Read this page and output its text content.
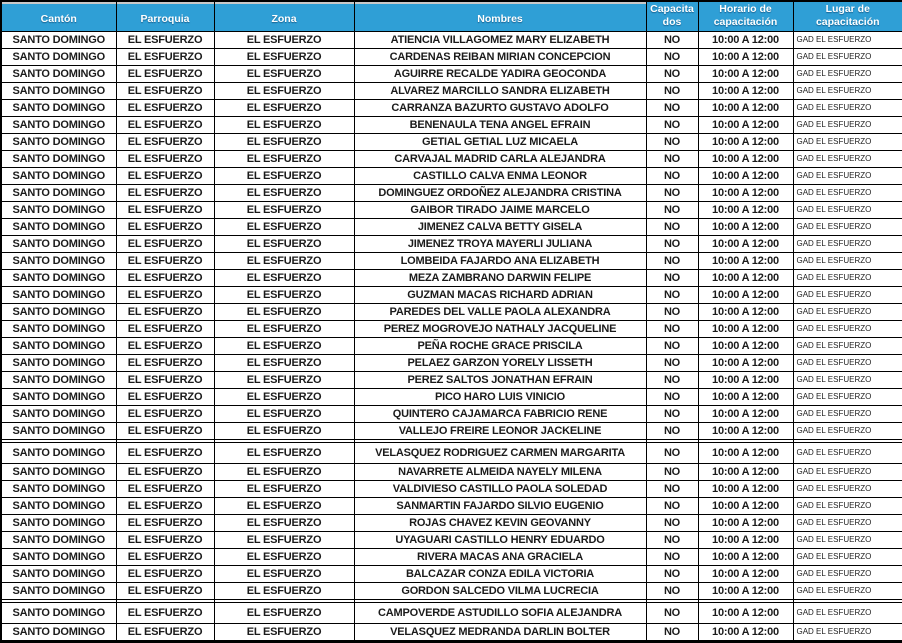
Cantón	Parroquia	Zona	Nombres	Capacita dos	Horario de capacitación	Lugar de capacitación
SANTO DOMINGO	EL ESFUERZO	EL ESFUERZO	ATIENCIA VILLAGOMEZ MARY ELIZABETH	NO	10:00 A 12:00	GAD EL ESFUERZO
SANTO DOMINGO	EL ESFUERZO	EL ESFUERZO	CARDENAS REIBAN MIRIAN CONCEPCION	NO	10:00 A 12:00	GAD EL ESFUERZO
SANTO DOMINGO	EL ESFUERZO	EL ESFUERZO	AGUIRRE RECALDE YADIRA GEOCONDA	NO	10:00 A 12:00	GAD EL ESFUERZO
SANTO DOMINGO	EL ESFUERZO	EL ESFUERZO	ALVAREZ MARCILLO SANDRA ELIZABETH	NO	10:00 A 12:00	GAD EL ESFUERZO
SANTO DOMINGO	EL ESFUERZO	EL ESFUERZO	CARRANZA BAZURTO GUSTAVO ADOLFO	NO	10:00 A 12:00	GAD EL ESFUERZO
SANTO DOMINGO	EL ESFUERZO	EL ESFUERZO	BENENAULA TENA ANGEL EFRAIN	NO	10:00 A 12:00	GAD EL ESFUERZO
SANTO DOMINGO	EL ESFUERZO	EL ESFUERZO	GETIAL GETIAL LUZ MICAELA	NO	10:00 A 12:00	GAD EL ESFUERZO
SANTO DOMINGO	EL ESFUERZO	EL ESFUERZO	CARVAJAL MADRID CARLA ALEJANDRA	NO	10:00 A 12:00	GAD EL ESFUERZO
SANTO DOMINGO	EL ESFUERZO	EL ESFUERZO	CASTILLO CALVA ENMA LEONOR	NO	10:00 A 12:00	GAD EL ESFUERZO
SANTO DOMINGO	EL ESFUERZO	EL ESFUERZO	DOMINGUEZ ORDOÑEZ ALEJANDRA CRISTINA	NO	10:00 A 12:00	GAD EL ESFUERZO
SANTO DOMINGO	EL ESFUERZO	EL ESFUERZO	GAIBOR TIRADO JAIME MARCELO	NO	10:00 A 12:00	GAD EL ESFUERZO
SANTO DOMINGO	EL ESFUERZO	EL ESFUERZO	JIMENEZ CALVA BETTY GISELA	NO	10:00 A 12:00	GAD EL ESFUERZO
SANTO DOMINGO	EL ESFUERZO	EL ESFUERZO	JIMENEZ TROYA MAYERLI JULIANA	NO	10:00 A 12:00	GAD EL ESFUERZO
SANTO DOMINGO	EL ESFUERZO	EL ESFUERZO	LOMBEIDA FAJARDO ANA ELIZABETH	NO	10:00 A 12:00	GAD EL ESFUERZO
SANTO DOMINGO	EL ESFUERZO	EL ESFUERZO	MEZA ZAMBRANO DARWIN FELIPE	NO	10:00 A 12:00	GAD EL ESFUERZO
SANTO DOMINGO	EL ESFUERZO	EL ESFUERZO	GUZMAN MACAS RICHARD ADRIAN	NO	10:00 A 12:00	GAD EL ESFUERZO
SANTO DOMINGO	EL ESFUERZO	EL ESFUERZO	PAREDES DEL VALLE PAOLA ALEXANDRA	NO	10:00 A 12:00	GAD EL ESFUERZO
SANTO DOMINGO	EL ESFUERZO	EL ESFUERZO	PEREZ MOGROVEJO NATHALY JACQUELINE	NO	10:00 A 12:00	GAD EL ESFUERZO
SANTO DOMINGO	EL ESFUERZO	EL ESFUERZO	PEÑA ROCHE GRACE PRISCILA	NO	10:00 A 12:00	GAD EL ESFUERZO
SANTO DOMINGO	EL ESFUERZO	EL ESFUERZO	PELAEZ GARZON YORELY LISSETH	NO	10:00 A 12:00	GAD EL ESFUERZO
SANTO DOMINGO	EL ESFUERZO	EL ESFUERZO	PEREZ SALTOS JONATHAN EFRAIN	NO	10:00 A 12:00	GAD EL ESFUERZO
SANTO DOMINGO	EL ESFUERZO	EL ESFUERZO	PICO HARO LUIS VINICIO	NO	10:00 A 12:00	GAD EL ESFUERZO
SANTO DOMINGO	EL ESFUERZO	EL ESFUERZO	QUINTERO CAJAMARCA FABRICIO RENE	NO	10:00 A 12:00	GAD EL ESFUERZO
SANTO DOMINGO	EL ESFUERZO	EL ESFUERZO	VALLEJO FREIRE LEONOR JACKELINE	NO	10:00 A 12:00	GAD EL ESFUERZO

SANTO DOMINGO	EL ESFUERZO	EL ESFUERZO	VELASQUEZ RODRIGUEZ CARMEN MARGARITA	NO	10:00 A 12:00	GAD EL ESFUERZO
SANTO DOMINGO	EL ESFUERZO	EL ESFUERZO	NAVARRETE ALMEIDA NAYELY MILENA	NO	10:00 A 12:00	GAD EL ESFUERZO
SANTO DOMINGO	EL ESFUERZO	EL ESFUERZO	VALDIVIESO CASTILLO PAOLA SOLEDAD	NO	10:00 A 12:00	GAD EL ESFUERZO
SANTO DOMINGO	EL ESFUERZO	EL ESFUERZO	SANMARTIN FAJARDO SILVIO EUGENIO	NO	10:00 A 12:00	GAD EL ESFUERZO
SANTO DOMINGO	EL ESFUERZO	EL ESFUERZO	ROJAS CHAVEZ KEVIN GEOVANNY	NO	10:00 A 12:00	GAD EL ESFUERZO
SANTO DOMINGO	EL ESFUERZO	EL ESFUERZO	UYAGUARI CASTILLO HENRY EDUARDO	NO	10:00 A 12:00	GAD EL ESFUERZO
SANTO DOMINGO	EL ESFUERZO	EL ESFUERZO	RIVERA MACAS ANA GRACIELA	NO	10:00 A 12:00	GAD EL ESFUERZO
SANTO DOMINGO	EL ESFUERZO	EL ESFUERZO	BALCAZAR CONZA EDILA VICTORIA	NO	10:00 A 12:00	GAD EL ESFUERZO
SANTO DOMINGO	EL ESFUERZO	EL ESFUERZO	GORDON SALCEDO VILMA LUCRECIA	NO	10:00 A 12:00	GAD EL ESFUERZO

SANTO DOMINGO	EL ESFUERZO	EL ESFUERZO	CAMPOVERDE ASTUDILLO SOFIA ALEJANDRA	NO	10:00 A 12:00	GAD EL ESFUERZO
SANTO DOMINGO	EL ESFUERZO	EL ESFUERZO	VELASQUEZ MEDRANDA DARLIN BOLTER	NO	10:00 A 12:00	GAD EL ESFUERZO
